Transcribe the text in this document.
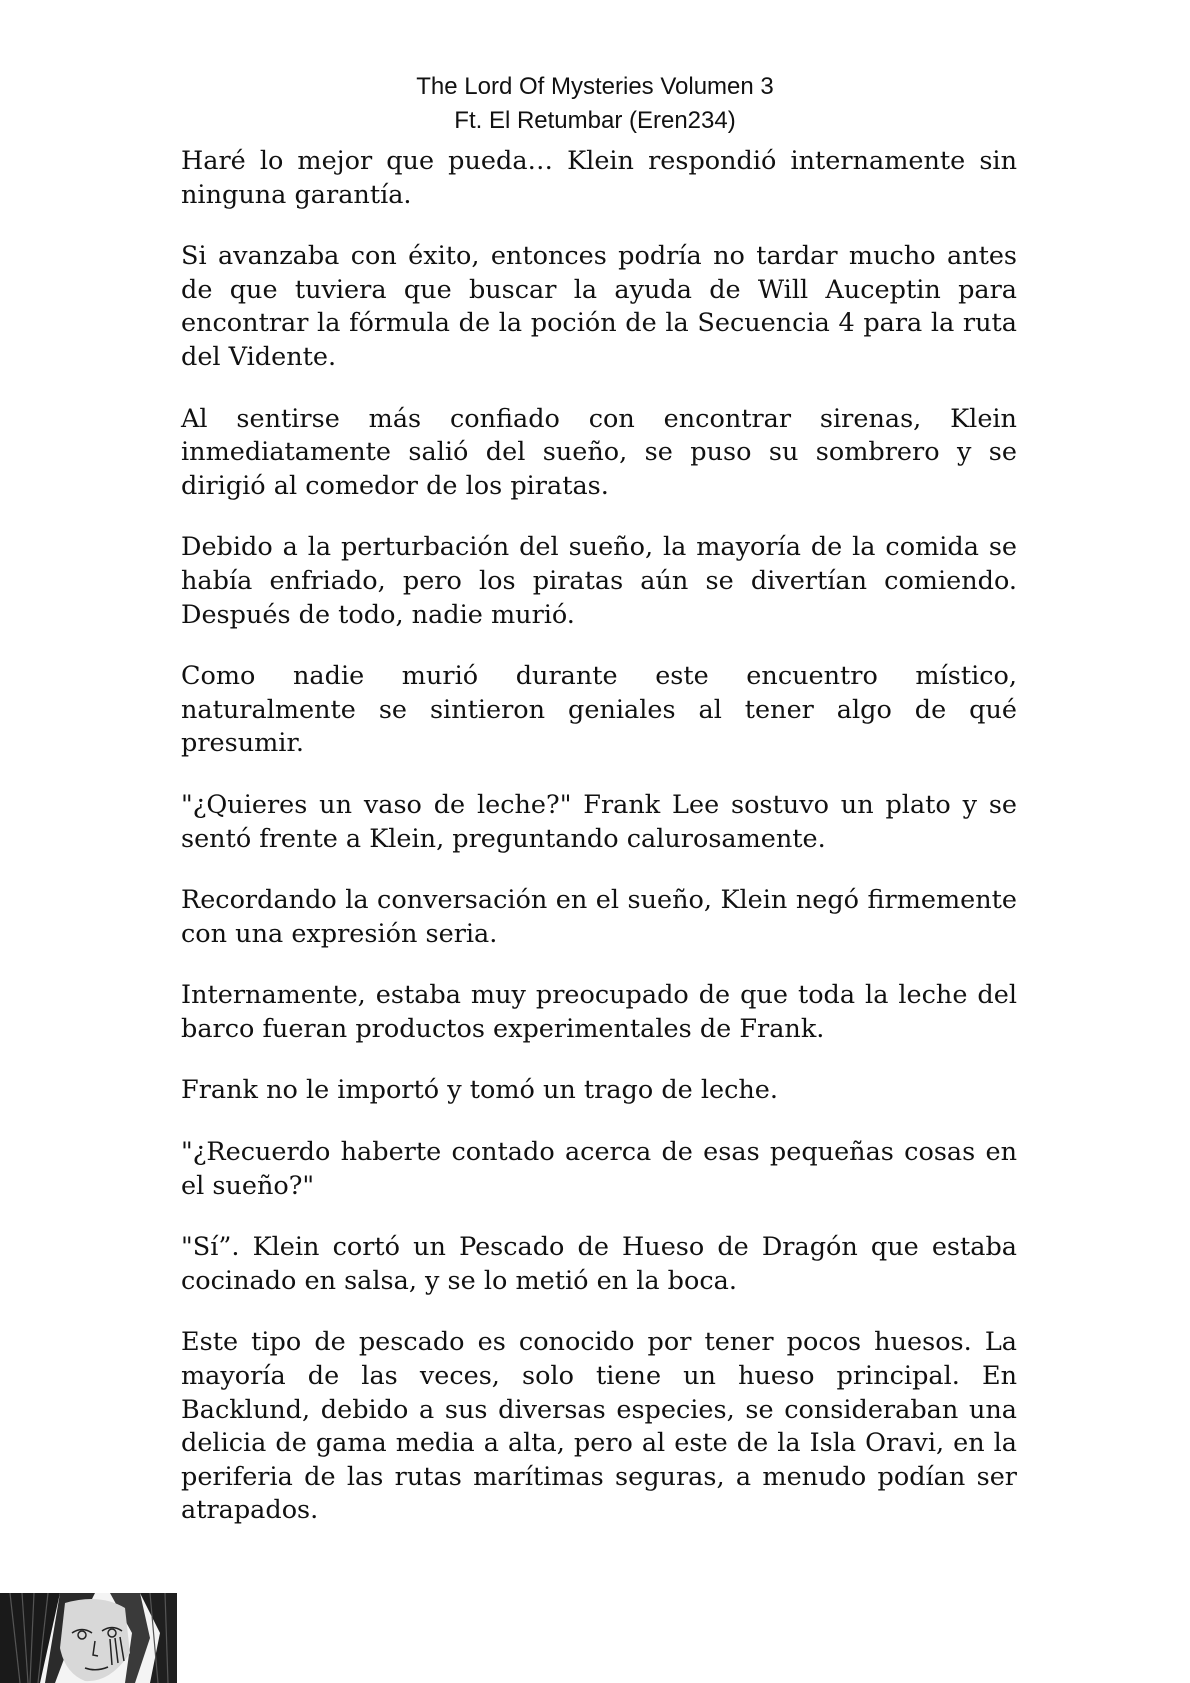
The Lord Of Mysteries Volumen 3
Ft. El Retumbar (Eren234)

Haré lo mejor que pueda… Klein respondió internamente sin ninguna garantía.

Si avanzaba con éxito, entonces podría no tardar mucho antes de que tuviera que buscar la ayuda de Will Auceptin para encontrar la fórmula de la poción de la Secuencia 4 para la ruta del Vidente.

Al sentirse más confiado con encontrar sirenas, Klein inmediatamente salió del sueño, se puso su sombrero y se dirigió al comedor de los piratas.

Debido a la perturbación del sueño, la mayoría de la comida se había enfriado, pero los piratas aún se divertían comiendo. Después de todo, nadie murió.

Como nadie murió durante este encuentro místico, naturalmente se sintieron geniales al tener algo de qué presumir.

"¿Quieres un vaso de leche?" Frank Lee sostuvo un plato y se sentó frente a Klein, preguntando calurosamente.

Recordando la conversación en el sueño, Klein negó firmemente con una expresión seria.

Internamente, estaba muy preocupado de que toda la leche del barco fueran productos experimentales de Frank.

Frank no le importó y tomó un trago de leche.

"¿Recuerdo haberte contado acerca de esas pequeñas cosas en el sueño?"

"Sí”. Klein cortó un Pescado de Hueso de Dragón que estaba cocinado en salsa, y se lo metió en la boca.

Este tipo de pescado es conocido por tener pocos huesos. La mayoría de las veces, solo tiene un hueso principal. En Backlund, debido a sus diversas especies, se consideraban una delicia de gama media a alta, pero al este de la Isla Oravi, en la periferia de las rutas marítimas seguras, a menudo podían ser atrapados.
